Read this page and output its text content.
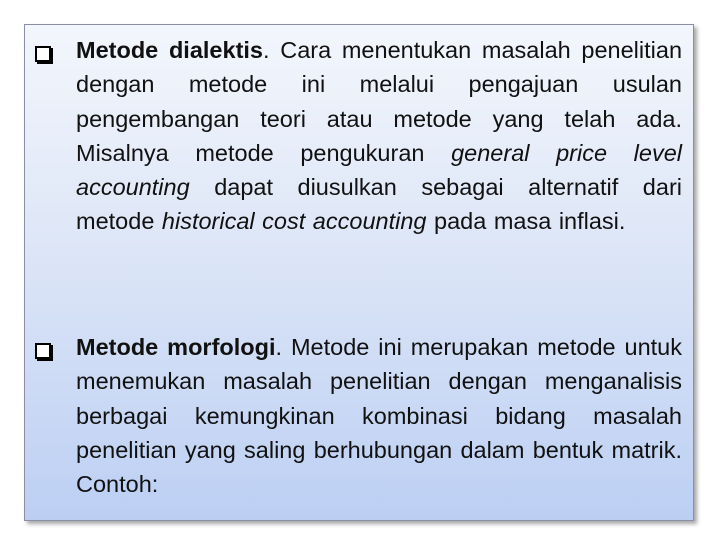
Metode dialektis. Cara menentukan masalah penelitian dengan metode ini melalui pengajuan usulan pengembangan teori atau metode yang telah ada. Misalnya metode pengukuran general price level accounting dapat diusulkan sebagai alternatif dari metode historical cost accounting pada masa inflasi.

Metode morfologi. Metode ini merupakan metode untuk menemukan masalah penelitian dengan menganalisis berbagai kemungkinan kombinasi bidang masalah penelitian yang saling berhubungan dalam bentuk matrik. Contoh:
